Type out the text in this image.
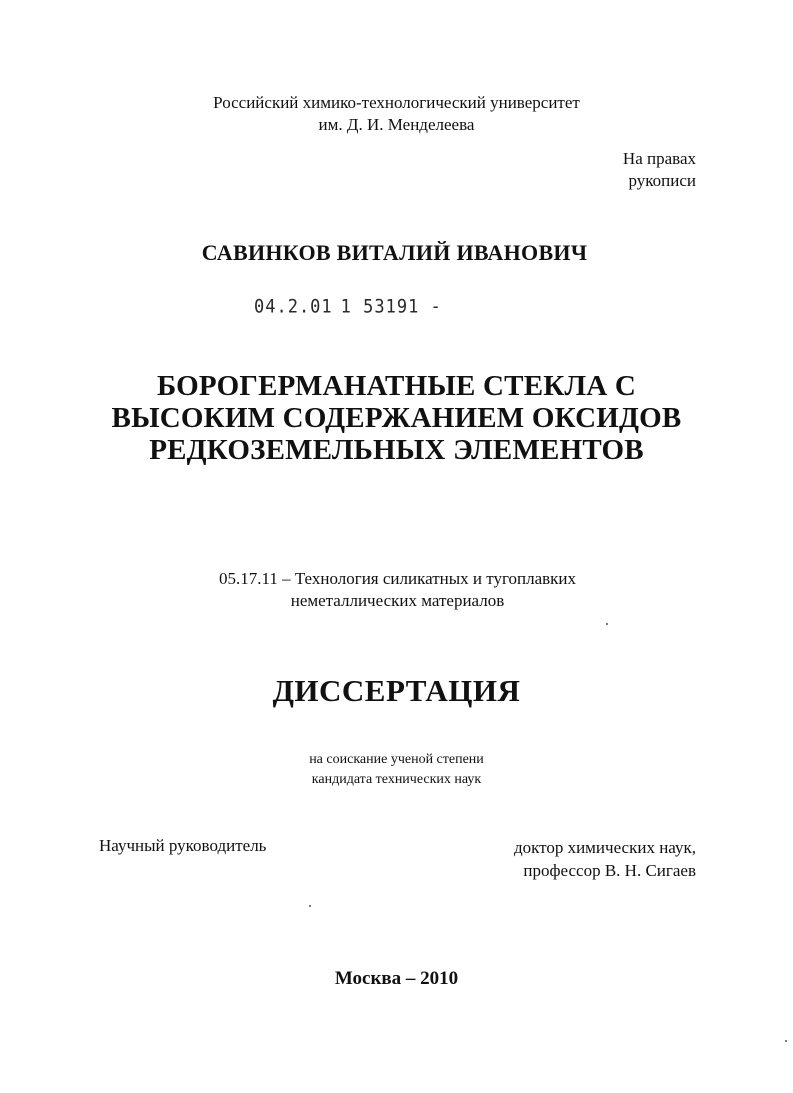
Российский химико-технологический университет
им. Д. И. Менделеева
На правах
рукописи
САВИНКОВ ВИТАЛИЙ ИВАНОВИЧ
04.2.01 1 53191 -
БОРОГЕРМАНАТНЫЕ СТЕКЛА С
ВЫСОКИМ СОДЕРЖАНИЕМ ОКСИДОВ
РЕДКОЗЕМЕЛЬНЫХ ЭЛЕМЕНТОВ
05.17.11 – Технология силикатных и тугоплавких
неметаллических материалов
ДИССЕРТАЦИЯ
на соискание ученой степени
кандидата технических наук
Научный руководитель	доктор химических наук,
профессор В. Н. Сигаев
Москва – 2010
